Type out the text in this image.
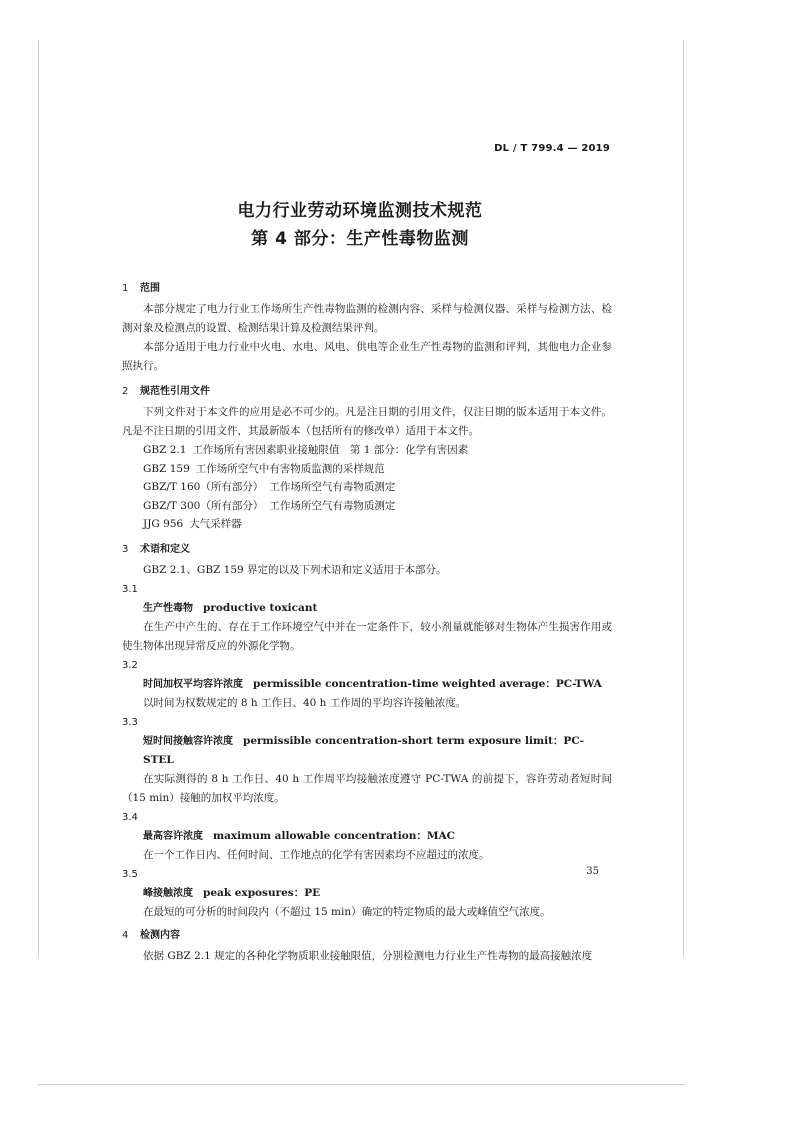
DL / T 799.4 — 2019
电力行业劳动环境监测技术规范
第 4 部分：生产性毒物监测
1 范围

本部分规定了电力行业工作场所生产性毒物监测的检测内容、采样与检测仪器、采样与检测方法、检测对象及检测点的设置、检测结果计算及检测结果评判。

本部分适用于电力行业中火电、水电、风电、供电等企业生产性毒物的监测和评判，其他电力企业参照执行。

2 规范性引用文件

下列文件对于本文件的应用是必不可少的。凡是注日期的引用文件，仅注日期的版本适用于本文件。凡是不注日期的引用文件，其最新版本（包括所有的修改单）适用于本文件。

GBZ 2.1 工作场所有害因素职业接触限值　第 1 部分：化学有害因素
GBZ 159 工作场所空气中有害物质监测的采样规范
GBZ/T 160（所有部分） 工作场所空气有毒物质测定
GBZ/T 300（所有部分） 工作场所空气有毒物质测定
JJG 956 大气采样器
3 术语和定义

GBZ 2.1、GBZ 159 界定的以及下列术语和定义适用于本部分。

3.1
生产性毒物 productive toxicant

在生产中产生的、存在于工作环境空气中并在一定条件下，较小剂量就能够对生物体产生损害作用或使生物体出现异常反应的外源化学物。

3.2
时间加权平均容许浓度 permissible concentration-time weighted average：PC-TWA

以时间为权数规定的 8 h 工作日、40 h 工作周的平均容许接触浓度。

3.3
短时间接触容许浓度 permissible concentration-short term exposure limit：PC-STEL

在实际测得的 8 h 工作日、40 h 工作周平均接触浓度遵守 PC-TWA 的前提下，容许劳动者短时间（15 min）接触的加权平均浓度。

3.4
最高容许浓度 maximum allowable concentration：MAC

在一个工作日内、任何时间、工作地点的化学有害因素均不应超过的浓度。

3.5
峰接触浓度 peak exposures：PE

在最短的可分析的时间段内（不超过 15 min）确定的特定物质的最大或峰值空气浓度。

4 检测内容

依据 GBZ 2.1 规定的各种化学物质职业接触限值，分别检测电力行业生产性毒物的最高接触浓度

35
